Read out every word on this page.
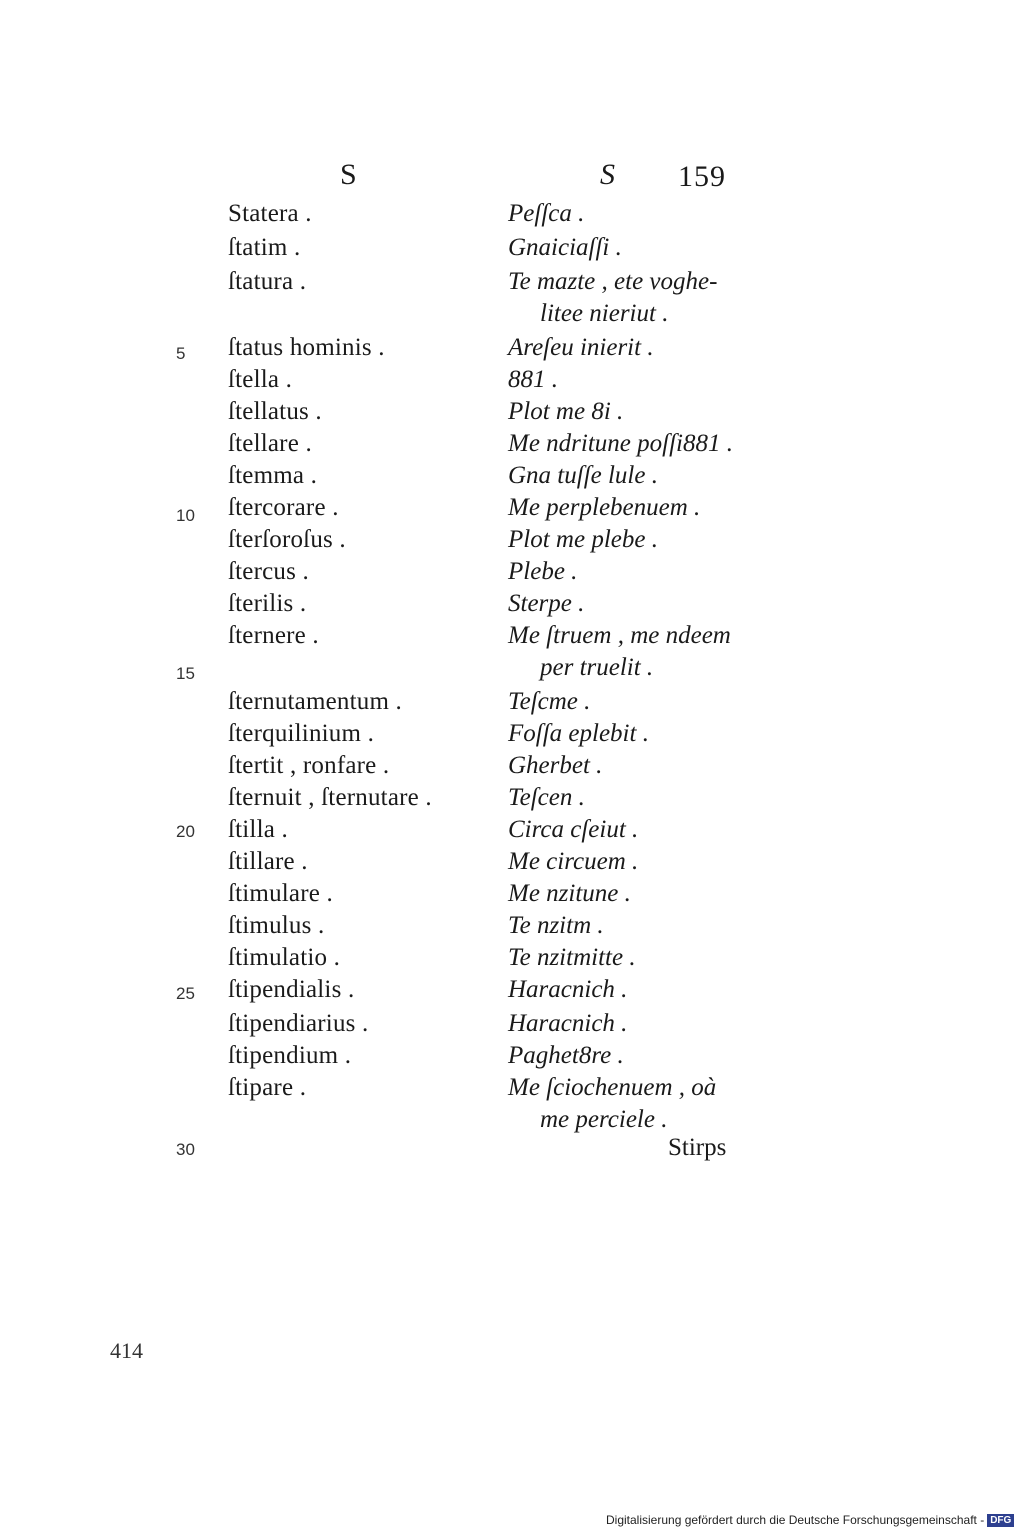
S	S 159
Statera .	Peſſca .
ſtatim .	Gnaiciaſſi .
ſtatura .	Te mazte , ete voghe-
litee nieriut .
ſtatus hominis .	Areſeu inierit .
ſtella .	881 .
ſtellatus .	Plot me 8i .
ſtellare .	Me ndritune poſſi881 .
ſtemma .	Gna tuſſe lule .
ſtercorare .	Me perplebenuem .
ſterſoroſus .	Plot me plebe .
ſtercus .	Plebe .
ſterilis .	Sterpe .
ſternere .	Me ſtruem , me ndeem
per truelit .
ſternutamentum .	Teſcme .
ſterquilinium .	Foſſa eplebit .
ſtertit , ronfare .	Gherbet .
ſternuit , ſternutare .	Teſcen .
ſtilla .	Circa cſeiut .
ſtillare .	Me circuem .
ſtimulare .	Me nzitune .
ſtimulus .	Te nzitm .
ſtimulatio .	Te nzitmitte .
ſtipendialis .	Haracnich .
ſtipendiarius .	Haracnich .
ſtipendium .	Paghet8re .
ſtipare .	Me ſciochenuem , oà
me perciele .
5
10
15
20
25
30	Stirps
414
Digitalisierung gefördert durch die Deutsche Forschungsgemeinschaft - DFG
